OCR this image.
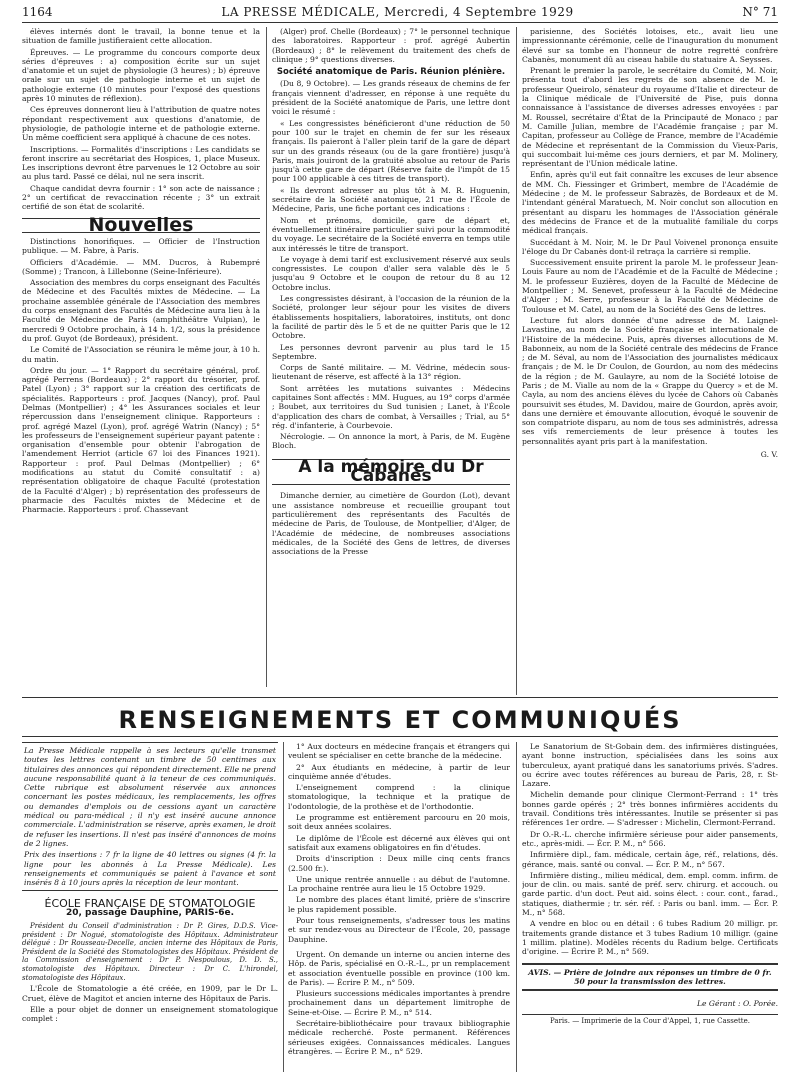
1164	LA PRESSE MÉDICALE, Mercredi, 4 Septembre 1929	N° 71

élèves internés dont le travail, la bonne tenue et la situation de famille justifieraient cette allocation.

Épreuves. — Le programme du concours comporte deux séries d'épreuves : a) composition écrite sur un sujet d'anatomie et un sujet de physiologie (3 heures) ; b) épreuve orale sur un sujet de pathologie interne et un sujet de pathologie externe (10 minutes pour l'exposé des questions après 10 minutes de réflexion).

Ces épreuves donneront lieu à l'attribution de quatre notes répondant respectivement aux questions d'anatomie, de physiologie, de pathologie interne et de pathologie externe. Un même coefficient sera appliqué à chacune de ces notes.

Inscriptions. — Formalités d'inscriptions : Les candidats se feront inscrire au secrétariat des Hospices, 1, place Museux. Les inscriptions devront être parvenues le 12 Octobre au soir au plus tard. Passé ce délai, nul ne sera inscrit.

Chaque candidat devra fournir : 1° son acte de naissance ; 2° un certificat de revaccination récente ; 3° un extrait certifié de son état de scolarité.

Nouvelles

Distinctions honorifiques. — Officier de l'Instruction publique. — M. Fabre, à Paris.

Officiers d'Académie. — MM. Ducros, à Rubempré (Somme) ; Trancon, à Lillebonne (Seine-Inférieure).

Association des membres du corps enseignant des Facultés de Médecine et des Facultés mixtes de Médecine. — La prochaine assemblée générale de l'Association des membres du corps enseignant des Facultés de Médecine aura lieu à la Faculté de Médecine de Paris (amphithéâtre Vulpian), le mercredi 9 Octobre prochain, à 14 h. 1/2, sous la présidence du prof. Guyot (de Bordeaux), président.

Le Comité de l'Association se réunira le même jour, à 10 h. du matin.

Ordre du jour. — 1° Rapport du secrétaire général, prof. agrégé Perrens (Bordeaux) ; 2° rapport du trésorier, prof. Patel (Lyon) ; 3° rapport sur la création des certificats de spécialités. Rapporteurs : prof. Jacques (Nancy), prof. Paul Delmas (Montpellier) ; 4° les Assurances sociales et leur répercussion dans l'enseignement clinique. Rapporteurs : prof. agrégé Mazel (Lyon), prof. agrégé Watrin (Nancy) ; 5° les professeurs de l'enseignement supérieur payant patente : organisation d'ensemble pour obtenir l'abrogation de l'amendement Herriot (article 67 loi des Finances 1921). Rapporteur : prof. Paul Delmas (Montpellier) ; 6° modifications au statut du Comité consultatif : a) représentation obligatoire de chaque Faculté (protestation de la Faculté d'Alger) ; b) représentation des professeurs de pharmacie des Facultés mixtes de Médecine et de Pharmacie. Rapporteurs : prof. Chassevant

(Alger) prof. Chelle (Bordeaux) ; 7° le personnel technique des laboratoires. Rapporteur : prof. agrégé Aubertin (Bordeaux) ; 8° le relèvement du traitement des chefs de clinique ; 9° questions diverses.

Société anatomique de Paris. Réunion plénière.

(Du 8, 9 Octobre). — Les grands réseaux de chemins de fer français viennent d'adresser, en réponse à une requête du président de la Société anatomique de Paris, une lettre dont voici le résumé :

« Les congressistes bénéficieront d'une réduction de 50 pour 100 sur le trajet en chemin de fer sur les réseaux français. Ils paieront à l'aller plein tarif de la gare de départ sur un des grands réseaux (ou de la gare frontière) jusqu'à Paris, mais jouiront de la gratuité absolue au retour de Paris jusqu'à cette gare de départ (Réserve faite de l'impôt de 15 pour 100 applicable à ces titres de transport).

« Ils devront adresser au plus tôt à M. R. Huguenin, secrétaire de la Société anatomique, 21 rue de l'École de Médecine, Paris, une fiche portant ces indications :

Nom et prénoms, domicile, gare de départ et, éventuellement itinéraire particulier suivi pour la commodité du voyage. Le secrétaire de la Société enverra en temps utile aux intéressés le titre de transport.

Le voyage à demi tarif est exclusivement réservé aux seuls congressistes. Le coupon d'aller sera valable dès le 5 jusqu'au 9 Octobre et le coupon de retour du 8 au 12 Octobre inclus.

Les congressistes désirant, à l'occasion de la réunion de la Société, prolonger leur séjour pour les visites de divers établissements hospitaliers, laboratoires, instituts, ont donc la facilité de partir dès le 5 et de ne quitter Paris que le 12 Octobre.

Les personnes devront parvenir au plus tard le 15 Septembre.

Corps de Santé militaire. — M. Védrine, médecin sous-lieutenant de réserve, est affecté à la 13° région.

Sont arrêtées les mutations suivantes : Médecins capitaines Sont affectés : MM. Hugues, au 19° corps d'armée ; Boubet, aux territoires du Sud tunisien ; Lanet, à l'École d'application des chars de combat, à Versailles ; Trial, au 5° rég. d'infanterie, à Courbevoie.

Nécrologie. — On annonce la mort, à Paris, de M. Eugène Bloch.

A la mémoire du Dr Cabanès

Dimanche dernier, au cimetière de Gourdon (Lot), devant une assistance nombreuse et recueillie groupant tout particulièrement des représentants des Facultés de médecine de Paris, de Toulouse, de Montpellier, d'Alger, de l'Académie de médecine, de nombreuses associations médicales, de la Société des Gens de lettres, de diverses associations de la Presse

parisienne, des Sociétés lotoises, etc., avait lieu une impressionnante cérémonie, celle de l'inauguration du monument élevé sur sa tombe en l'honneur de notre regretté confrère Cabanès, monument dû au ciseau habile du statuaire A. Seysses.

Prenant le premier la parole, le secrétaire du Comité, M. Noir, présenta tout d'abord les regrets de son absence de M. le professeur Queirolo, sénateur du royaume d'Italie et directeur de la Clinique médicale de l'Université de Pise, puis donna connaissance à l'assistance de diverses adresses envoyées : par M. Roussel, secrétaire d'État de la Principauté de Monaco ; par M. Camille Julian, membre de l'Académie française ; par M. Capitan, professeur au Collège de France, membre de l'Académie de Médecine et représentant de la Commission du Vieux-Paris, qui succombait lui-même ces jours derniers, et par M. Molinery, représentant de l'Union médicale latine.

Enfin, après qu'il eut fait connaître les excuses de leur absence de MM. Ch. Fiessinger et Grimbert, membre de l'Académie de Médecine ; de M. le professeur Sabrazès, de Bordeaux et de M. l'intendant général Maratuech, M. Noir conclut son allocution en présentant au disparu les hommages de l'Association générale des médecins de France et de la mutualité familiale du corps médical français.

Succédant à M. Noir, M. le Dr Paul Voivenel prononça ensuite l'éloge du Dr Cabanès dont-il retraça la carrière si remplie.

Successivement ensuite prirent la parole M. le professeur Jean-Louis Faure au nom de l'Académie et de la Faculté de Médecine ; M. le professeur Euzières, doyen de la Faculté de Médecine de Montpellier ; M. Senevet, professeur à la Faculté de Médecine d'Alger ; M. Serre, professeur à la Faculté de Médecine de Toulouse et M. Catel, au nom de la Société des Gens de lettres.

Lecture fut alors donnée d'une adresse de M. Laignel-Lavastine, au nom de la Société française et internationale de l'Histoire de la médecine. Puis, après diverses allocutions de M. Babonneix, au nom de la Société centrale des médecins de France ; de M. Séval, au nom de l'Association des journalistes médicaux français ; de M. le Dr Coulon, de Gourdon, au nom des médecins de la région ; de M. Gaulayre, au nom de la Société lotoise de Paris ; de M. Vialle au nom de la « Grappe du Quercy » et de M. Cayla, au nom des anciens élèves du lycée de Cahors où Cabanès poursuivit ses études, M. Davidou, maire de Gourdon, après avoir, dans une dernière et émouvante allocution, évoqué le souvenir de son compatriote disparu, au nom de tous ses administrés, adressa ses vifs remerciements de leur présence à toutes les personnalités ayant pris part à la manifestation.

G. V.
RENSEIGNEMENTS ET COMMUNIQUÉS
La Presse Médicale rappelle à ses lecteurs qu'elle transmet toutes les lettres contenant un timbre de 50 centimes aux titulaires des annonces qui répondent directement. Elle ne prend aucune responsabilité quant à la teneur de ces communiqués. Cette rubrique est absolument réservée aux annonces concernant les postes médicaux, les remplacements, les offres ou demandes d'emplois ou de cessions ayant un caractère médical ou para-médical ; il n'y est inséré aucune annonce commerciale. L'administration se réserve, après examen, le droit de refuser les insertions. Il n'est pas inséré d'annonces de moins de 2 lignes.
Prix des insertions : 7 fr la ligne de 40 lettres ou signes (4 fr. la ligne pour les abonnés à La Presse Médicale). Les renseignements et communiqués se paient à l'avance et sont insérés 8 à 10 jours après la réception de leur montant.
ÉCOLE FRANÇAISE DE STOMATOLOGIE
20, passage Dauphine, PARIS-6e.

Président du Conseil d'administration : Dr P. Gires, D.D.S. Vice-président : Dr Nogué, stomatologiste des Hôpitaux. Administrateur délégué : Dr Rousseau-Decelle, ancien interne des Hôpitaux de Paris, Président de la Société des Stomatologistes des Hôpitaux. Président de la Commission d'enseignement : Dr P. Nespoulous, D. D. S., stomatologiste des Hôpitaux. Directeur : Dr C. L'hirondel, stomatologiste des Hôpitaux.

L'École de Stomatologie a été créée, en 1909, par le Dr L. Cruet, élève de Magitot et ancien interne des Hôpitaux de Paris.

Elle a pour objet de donner un enseignement stomatologique complet :

1° Aux docteurs en médecine français et étrangers qui veulent se spécialiser en cette branche de la médecine.

2° Aux étudiants en médecine, à partir de leur cinquième année d'études.

L'enseignement comprend : la clinique stomatologique, la technique et la pratique de l'odontologie, de la prothèse et de l'orthodontie.

Le programme est entièrement parcouru en 20 mois, soit deux années scolaires.

Le diplôme de l'École est décerné aux élèves qui ont satisfait aux examens obligatoires en fin d'études.

Droits d'inscription : Deux mille cinq cents francs (2.500 fr.).

Une unique rentrée annuelle : au début de l'automne. La prochaine rentrée aura lieu le 15 Octobre 1929.

Le nombre des places étant limité, prière de s'inscrire le plus rapidement possible.

Pour tous renseignements, s'adresser tous les matins et sur rendez-vous au Directeur de l'École, 20, passage Dauphine.

Urgent. On demande un interne ou ancien interne des Hôp. de Paris, spécialisé en O.-R.-L., pr un remplacement et association éventuelle possible en province (100 km. de Paris). — Écrire P. M., n° 509.

Plusieurs successions médicales importantes à prendre prochainement dans un département limitrophe de Seine-et-Oise. — Écrire P. M., n° 514.

Secrétaire-bibliothécaire pour travaux bibliographie médicale recherché. Poste permanent. Références sérieuses exigées. Connaissances médicales. Langues étrangères. — Écrire P. M., n° 529.

Le Sanatorium de St-Gobain dem. des infirmières distinguées, ayant bonne instruction, spécialisées dans les soins aux tuberculeux, ayant pratiqué dans les sanatoriums privés. S'adres. ou écrire avec toutes références au bureau de Paris, 28, r. St-Lazare.

Michelin demande pour clinique Clermont-Ferrand : 1° très bonnes garde opérés ; 2° très bonnes infirmières accidents du travail. Conditions très intéressantes. Inutile se présenter si pas références 1er ordre. — S'adresser : Michelin, Clermont-Ferrand.

Dr O.-R.-L. cherche infirmière sérieuse pour aider pansements, etc., après-midi. — Écr. P. M., n° 566.

Infirmière dipl., fam. médicale, certain âge, réf., relations, dés. gérance, mais. santé ou conval. — Écr. P. M., n° 567.

Infirmière disting., milieu médical, dem. empl. comm. infirm. de jour de clin. ou mais. santé de préf. serv. chirurg. et accouch. ou garde partic. d'un doct. Peut aid. soins élect. : cour. cont., farad., statiques, diathermie ; tr. sér. réf. : Paris ou banl. imm. — Écr. P. M., n° 568.

A vendre en bloc ou en détail : 6 tubes Radium 20 milligr. pr. traitements grande distance et 3 tubes Radium 10 milligr. (gaine 1 millim. platine). Modèles récents du Radium belge. Certificats d'origine. — Écrire P. M., n° 569.

AVIS. — Prière de joindre aux réponses un timbre de 0 fr. 50 pour la transmission des lettres.
Le Gérant : O. Porée.
Paris. — Imprimerie de la Cour d'Appel, 1, rue Cassette.
